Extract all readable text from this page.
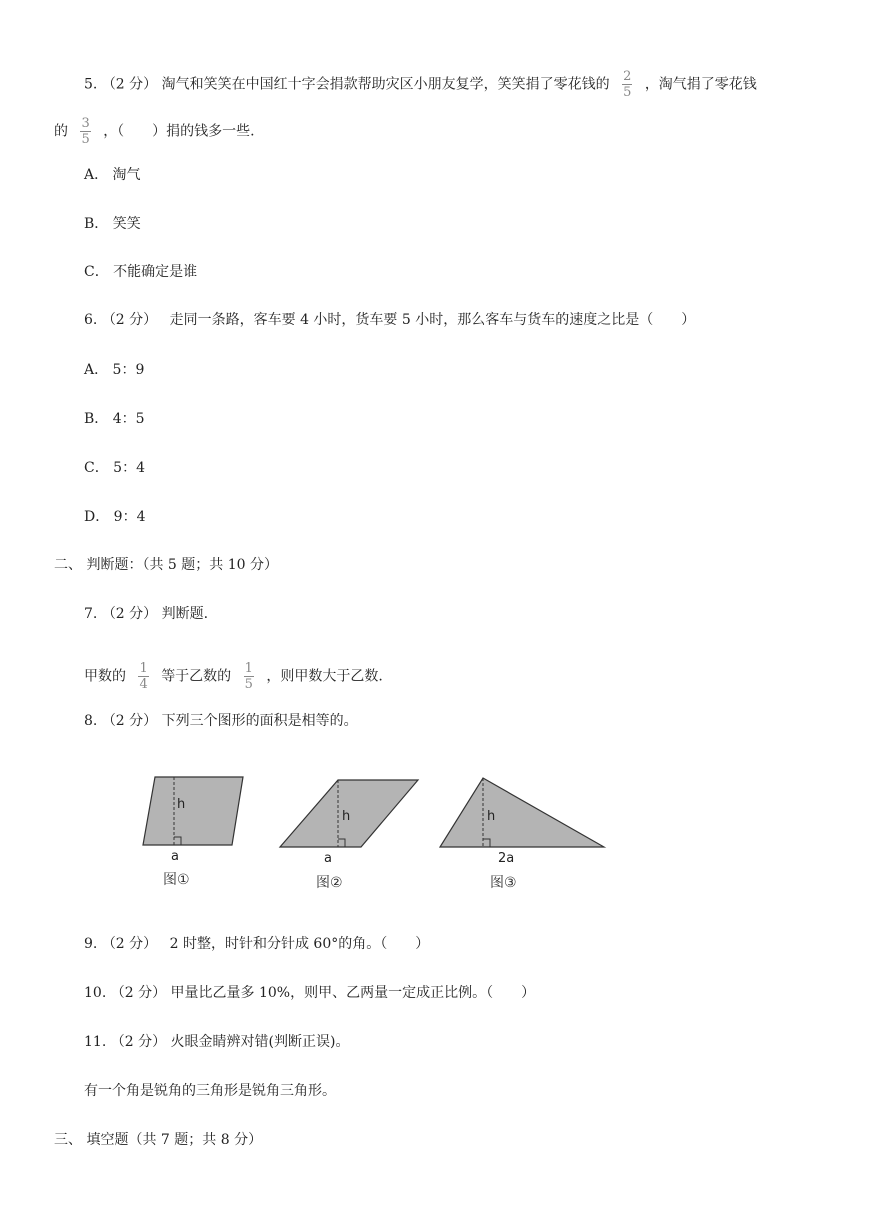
5. （2 分） 淘气和笑笑在中国红十字会捐款帮助灾区小朋友复学，笑笑捐了零花钱的 $\frac{2}{5}$ ，淘气捐了零花钱
的 $\frac{3}{5}$ ，（　　）捐的钱多一些.
A． 淘气
B． 笑笑
C． 不能确定是谁
6. （2 分） 走同一条路，客车要 4 小时，货车要 5 小时，那么客车与货车的速度之比是（　　）
A． 5：9
B． 4：5
C． 5：4
D． 9：4
二、 判断题：（共 5 题；共 10 分）
7. （2 分） 判断题.
甲数的 $\frac{1}{4}$ 等于乙数的 $\frac{1}{5}$ ，则甲数大于乙数.
8. （2 分） 下列三个图形的面积是相等的。
h
a
图①
h
a
图②
h
2a
图③
9. （2 分） 2 时整，时针和分针成 60°的角。（　　）
10. （2 分） 甲量比乙量多 10%，则甲、乙两量一定成正比例。（　　）
11. （2 分） 火眼金睛辨对错(判断正误)。
有一个角是锐角的三角形是锐角三角形。
三、 填空题（共 7 题；共 8 分）
